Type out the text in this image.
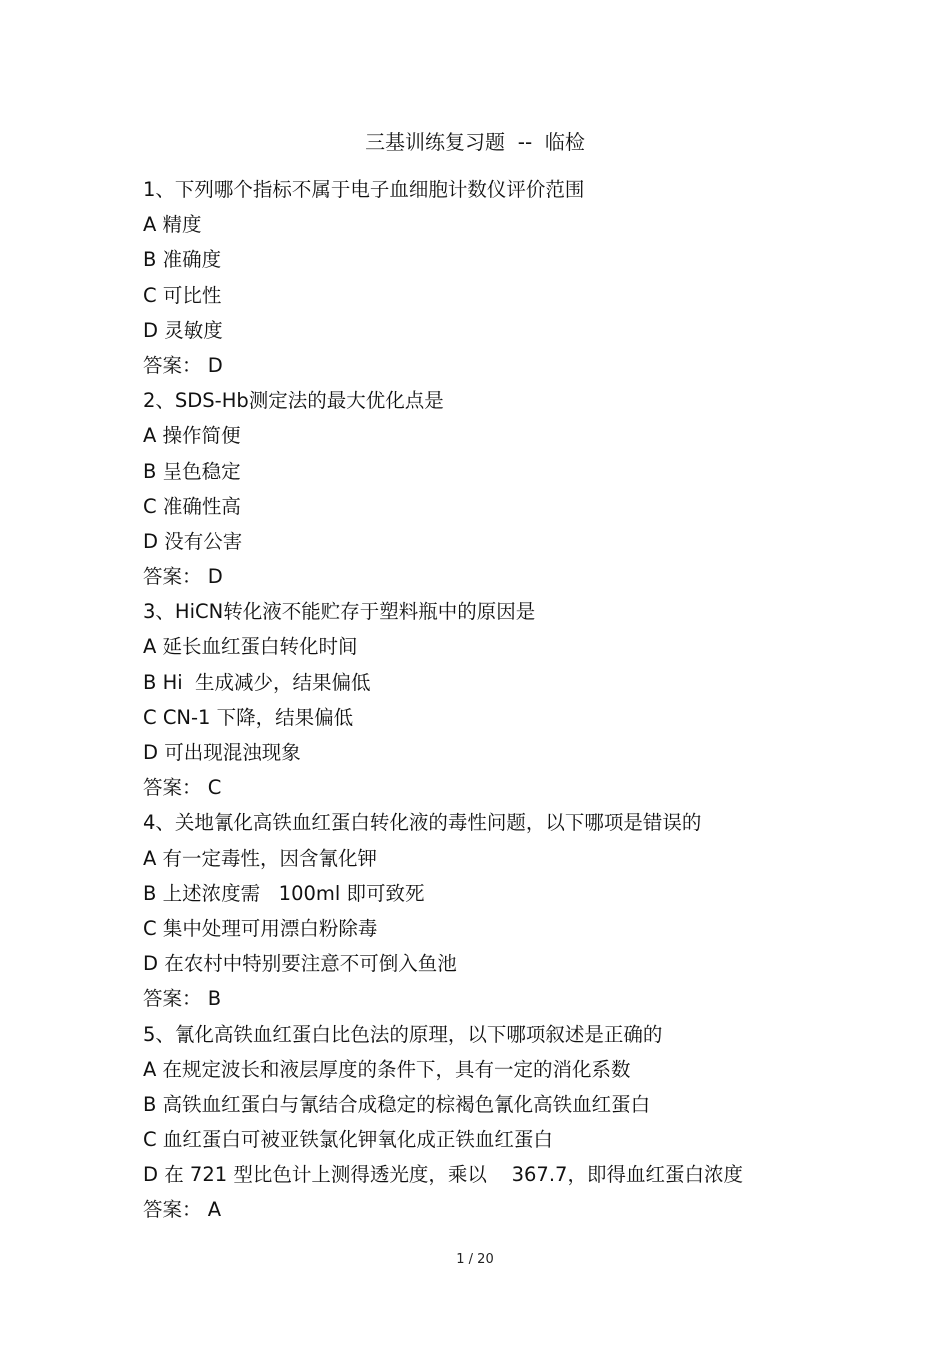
三基训练复习题  --  临检
1、下列哪个指标不属于电子血细胞计数仪评价范围
A 精度
B 准确度
C 可比性
D 灵敏度
答案： D
2、SDS-Hb测定法的最大优化点是
A 操作简便
B 呈色稳定
C 准确性高
D 没有公害
答案： D
3、HiCN转化液不能贮存于塑料瓶中的原因是
A 延长血红蛋白转化时间
B Hi  生成减少，结果偏低
C CN-1 下降，结果偏低
D 可出现混浊现象
答案： C
4、关地氰化高铁血红蛋白转化液的毒性问题，以下哪项是错误的
A 有一定毒性，因含氰化钾
B 上述浓度需   100ml 即可致死
C 集中处理可用漂白粉除毒
D 在农村中特别要注意不可倒入鱼池
答案： B
5、氰化高铁血红蛋白比色法的原理，以下哪项叙述是正确的
A 在规定波长和液层厚度的条件下，具有一定的消化系数
B 高铁血红蛋白与氰结合成稳定的棕褐色氰化高铁血红蛋白
C 血红蛋白可被亚铁氯化钾氧化成正铁血红蛋白
D 在 721 型比色计上测得透光度，乘以    367.7，即得血红蛋白浓度
答案： A
1 / 20
